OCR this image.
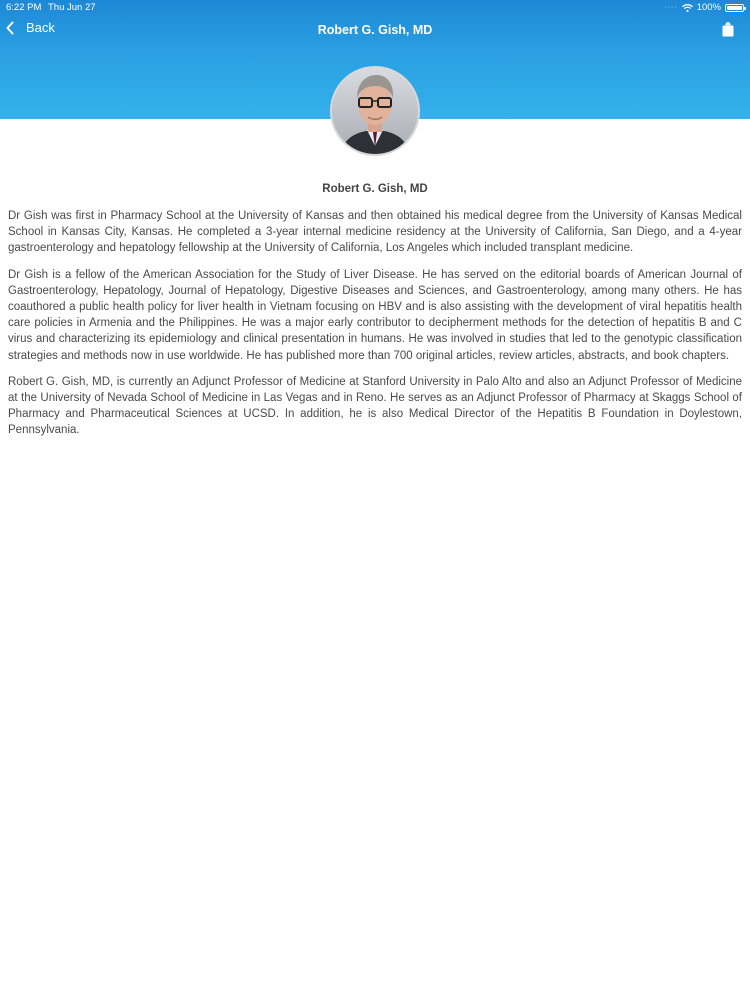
6:22 PM Thu Jun 27	···· 100%
Back	Robert G. Gish, MD
Robert G. Gish, MD

Dr Gish was first in Pharmacy School at the University of Kansas and then obtained his medical degree from the University of Kansas Medical School in Kansas City, Kansas. He completed a 3-year internal medicine residency at the University of California, San Diego, and a 4-year gastroenterology and hepatology fellowship at the University of California, Los Angeles which included transplant medicine.

Dr Gish is a fellow of the American Association for the Study of Liver Disease. He has served on the editorial boards of American Journal of Gastroenterology, Hepatology, Journal of Hepatology, Digestive Diseases and Sciences, and Gastroenterology, among many others. He has coauthored a public health policy for liver health in Vietnam focusing on HBV and is also assisting with the development of viral hepatitis health care policies in Armenia and the Philippines. He was a major early contributor to decipherment methods for the detection of hepatitis B and C virus and characterizing its epidemiology and clinical presentation in humans. He was involved in studies that led to the genotypic classification strategies and methods now in use worldwide. He has published more than 700 original articles, review articles, abstracts, and book chapters.

Robert G. Gish, MD, is currently an Adjunct Professor of Medicine at Stanford University in Palo Alto and also an Adjunct Professor of Medicine at the University of Nevada School of Medicine in Las Vegas and in Reno. He serves as an Adjunct Professor of Pharmacy at Skaggs School of Pharmacy and Pharmaceutical Sciences at UCSD. In addition, he is also Medical Director of the Hepatitis B Foundation in Doylestown, Pennsylvania.
